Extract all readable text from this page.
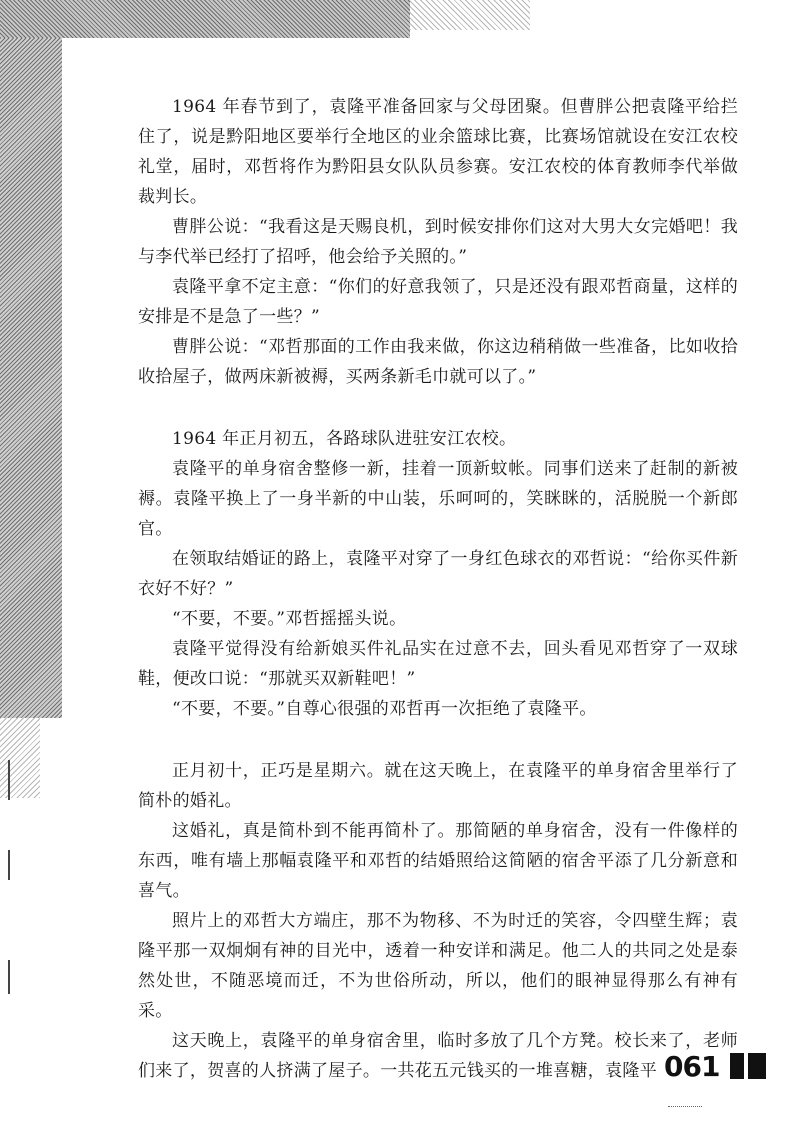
1964 年春节到了，袁隆平准备回家与父母团聚。但曹胖公把袁隆平给拦住了，说是黔阳地区要举行全地区的业余篮球比赛，比赛场馆就设在安江农校礼堂，届时，邓哲将作为黔阳县女队队员参赛。安江农校的体育教师李代举做裁判长。

曹胖公说：“我看这是天赐良机，到时候安排你们这对大男大女完婚吧！我与李代举已经打了招呼，他会给予关照的。”

袁隆平拿不定主意：“你们的好意我领了，只是还没有跟邓哲商量，这样的安排是不是急了一些？”

曹胖公说：“邓哲那面的工作由我来做，你这边稍稍做一些准备，比如收拾收拾屋子，做两床新被褥，买两条新毛巾就可以了。”

1964 年正月初五，各路球队进驻安江农校。

袁隆平的单身宿舍整修一新，挂着一顶新蚊帐。同事们送来了赶制的新被褥。袁隆平换上了一身半新的中山装，乐呵呵的，笑眯眯的，活脱脱一个新郎官。

在领取结婚证的路上，袁隆平对穿了一身红色球衣的邓哲说：“给你买件新衣好不好？”

“不要，不要。”邓哲摇摇头说。

袁隆平觉得没有给新娘买件礼品实在过意不去，回头看见邓哲穿了一双球鞋，便改口说：“那就买双新鞋吧！”

“不要，不要。”自尊心很强的邓哲再一次拒绝了袁隆平。

正月初十，正巧是星期六。就在这天晚上，在袁隆平的单身宿舍里举行了简朴的婚礼。

这婚礼，真是简朴到不能再简朴了。那简陋的单身宿舍，没有一件像样的东西，唯有墙上那幅袁隆平和邓哲的结婚照给这简陋的宿舍平添了几分新意和喜气。

照片上的邓哲大方端庄，那不为物移、不为时迁的笑容，令四壁生辉；袁隆平那一双炯炯有神的目光中，透着一种安详和满足。他二人的共同之处是泰然处世，不随恶境而迁，不为世俗所动，所以，他们的眼神显得那么有神有采。

这天晚上，袁隆平的单身宿舍里，临时多放了几个方凳。校长来了，老师们来了，贺喜的人挤满了屋子。一共花五元钱买的一堆喜糖，袁隆平 061
